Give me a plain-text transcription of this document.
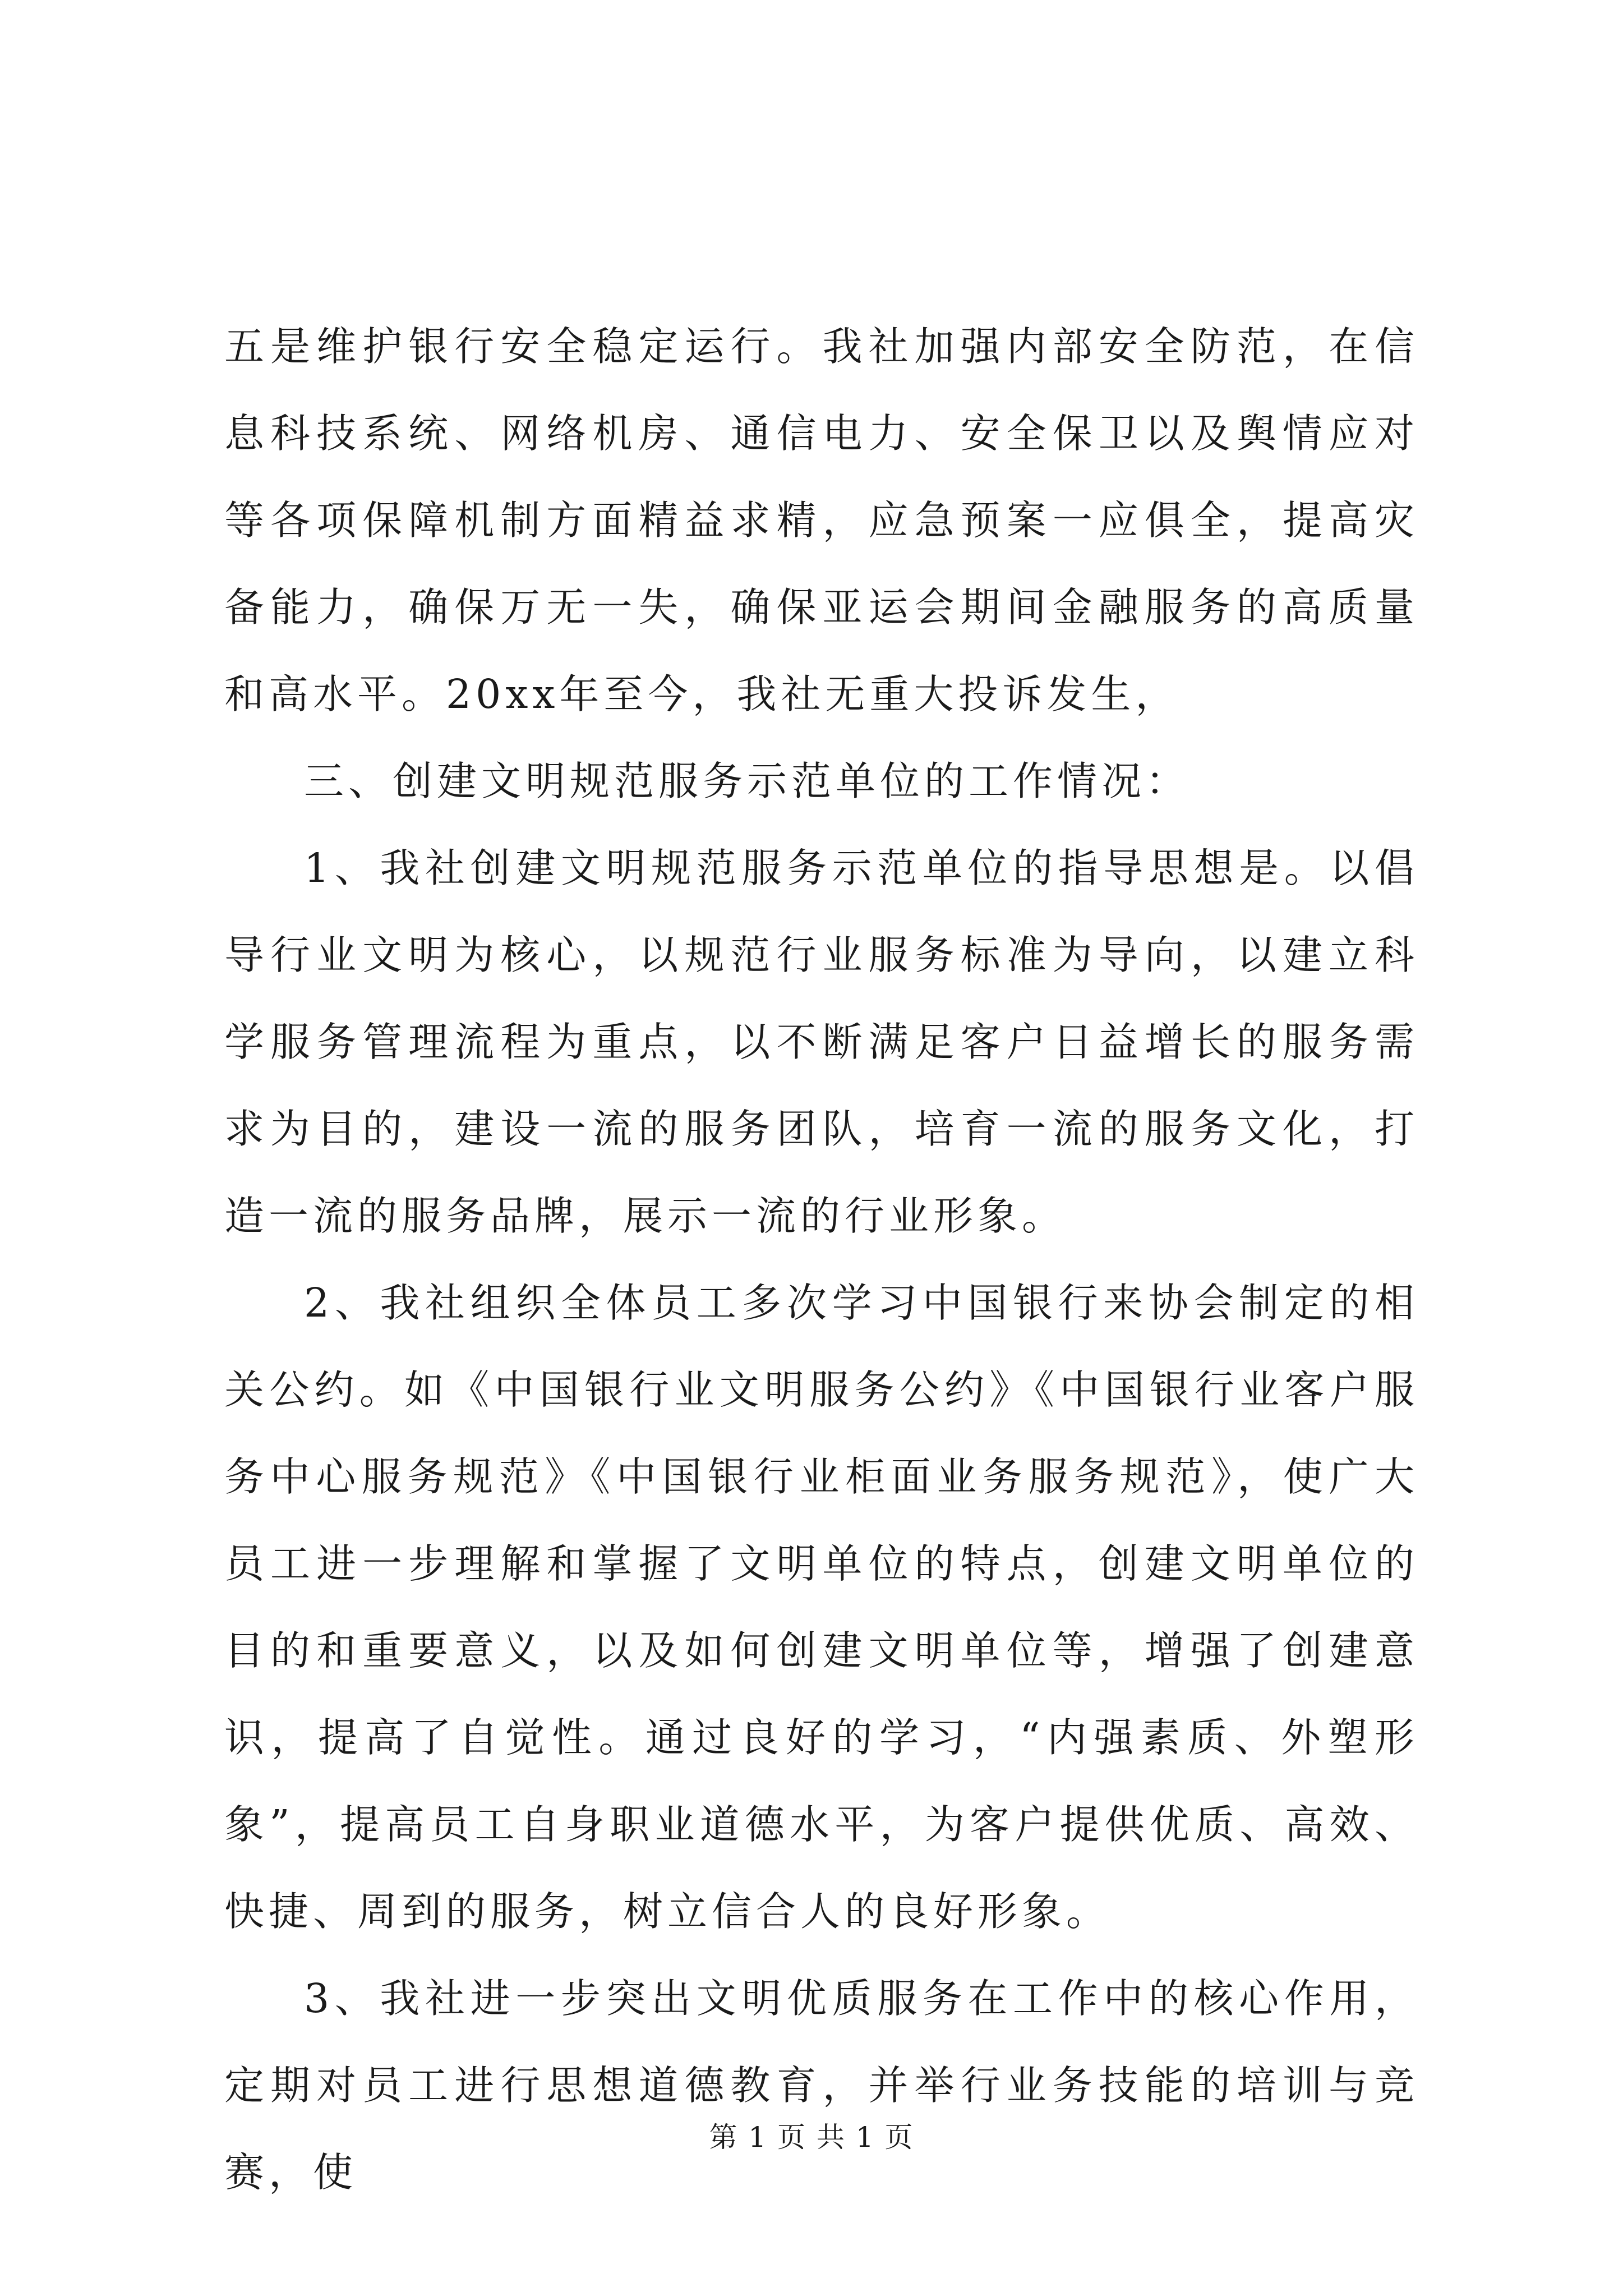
五是维护银行安全稳定运行。我社加强内部安全防范，在信息科技系统、网络机房、通信电力、安全保卫以及舆情应对等各项保障机制方面精益求精，应急预案一应俱全，提高灾备能力，确保万无一失，确保亚运会期间金融服务的高质量和高水平。20xx年至今，我社无重大投诉发生，

三、创建文明规范服务示范单位的工作情况：

1、我社创建文明规范服务示范单位的指导思想是。以倡导行业文明为核心，以规范行业服务标准为导向，以建立科学服务管理流程为重点，以不断满足客户日益增长的服务需求为目的，建设一流的服务团队，培育一流的服务文化，打造一流的服务品牌，展示一流的行业形象。

2、我社组织全体员工多次学习中国银行来协会制定的相关公约。如《中国银行业文明服务公约》《中国银行业客户服务中心服务规范》《中国银行业柜面业务服务规范》，使广大员工进一步理解和掌握了文明单位的特点，创建文明单位的目的和重要意义，以及如何创建文明单位等，增强了创建意识，提高了自觉性。通过良好的学习，“内强素质、外塑形象”，提高员工自身职业道德水平，为客户提供优质、高效、快捷、周到的服务，树立信合人的良好形象。

3、我社进一步突出文明优质服务在工作中的核心作用，定期对员工进行思想道德教育，并举行业务技能的培训与竞赛，使

第 1 页 共 1 页
